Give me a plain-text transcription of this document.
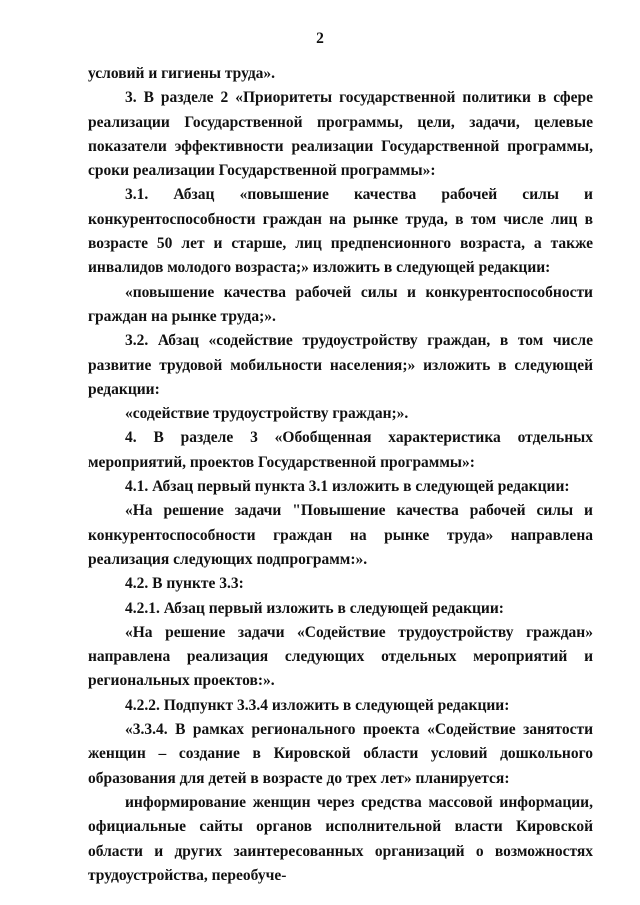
2

условий и гигиены труда».

3. В разделе 2 «Приоритеты государственной политики в сфере реализации Государственной программы, цели, задачи, целевые показатели эффективности реализации Государственной программы, сроки реализации Государственной программы»:

3.1. Абзац «повышение качества рабочей силы и конкурентоспособности граждан на рынке труда, в том числе лиц в возрасте 50 лет и старше, лиц предпенсионного возраста, а также инвалидов молодого возраста;» изложить в следующей редакции:

«повышение качества рабочей силы и конкурентоспособности граждан на рынке труда;».

3.2. Абзац «содействие трудоустройству граждан, в том числе развитие трудовой мобильности населения;» изложить в следующей редакции:

«содействие трудоустройству граждан;».

4. В разделе 3 «Обобщенная характеристика отдельных мероприятий, проектов Государственной программы»:

4.1. Абзац первый пункта 3.1 изложить в следующей редакции:

«На решение задачи "Повышение качества рабочей силы и конкурентоспособности граждан на рынке труда» направлена реализация следующих подпрограмм:».

4.2. В пункте 3.3:

4.2.1. Абзац первый изложить в следующей редакции:

«На решение задачи «Содействие трудоустройству граждан» направлена реализация следующих отдельных мероприятий и региональных проектов:».

4.2.2. Подпункт 3.3.4 изложить в следующей редакции:

«3.3.4. В рамках регионального проекта «Содействие занятости женщин – создание в Кировской области условий дошкольного образования для детей в возрасте до трех лет» планируется:

информирование женщин через средства массовой информации, официальные сайты органов исполнительной власти Кировской области и других заинтересованных организаций о возможностях трудоустройства, переобуче-
